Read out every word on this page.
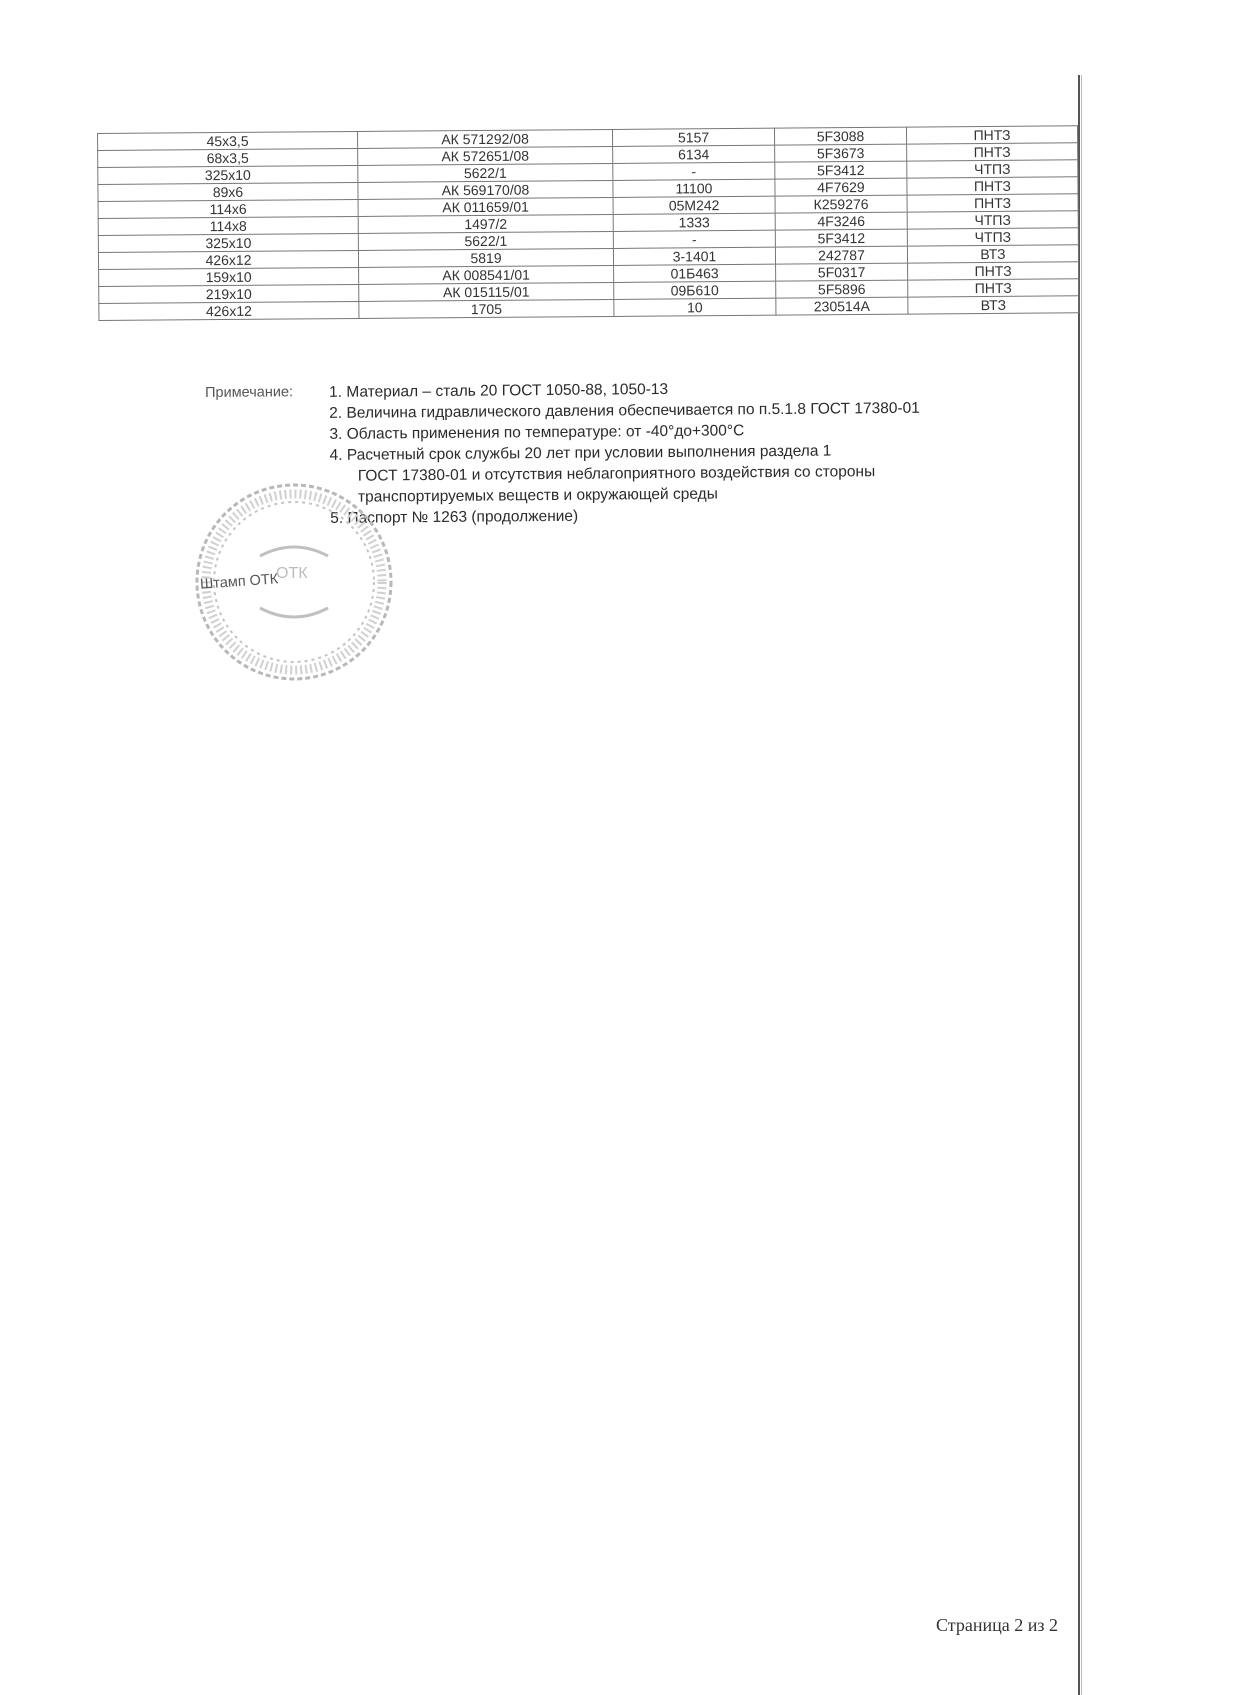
45x3,5	АК 571292/08	5157	5F3088	ПНТЗ
68x3,5	АК 572651/08	6134	5F3673	ПНТЗ
325x10	5622/1	-	5F3412	ЧТПЗ
89x6	АК 569170/08	11100	4F7629	ПНТЗ
114x6	АК 011659/01	05М242	К259276	ПНТЗ
114x8	1497/2	1333	4F3246	ЧТПЗ
325x10	5622/1	-	5F3412	ЧТПЗ
426x12	5819	3-1401	242787	ВТЗ
159x10	АК 008541/01	01Б463	5F0317	ПНТЗ
219x10	АК 015115/01	09Б610	5F5896	ПНТЗ
426x12	1705	10	230514А	ВТЗ
Примечание: 1. Материал – сталь 20 ГОСТ 1050-88, 1050-13
2. Величина гидравлического давления обеспечивается по п.5.1.8 ГОСТ 17380-01
3. Область применения по температуре: от -40°до+300°С
4. Расчетный срок службы 20 лет при условии выполнения раздела 1
ГОСТ 17380-01 и отсутствия неблагоприятного воздействия со стороны
транспортируемых веществ и окружающей среды
5. Паспорт № 1263 (продолжение)
ОТК
Штамп ОТК
Страница 2 из 2
